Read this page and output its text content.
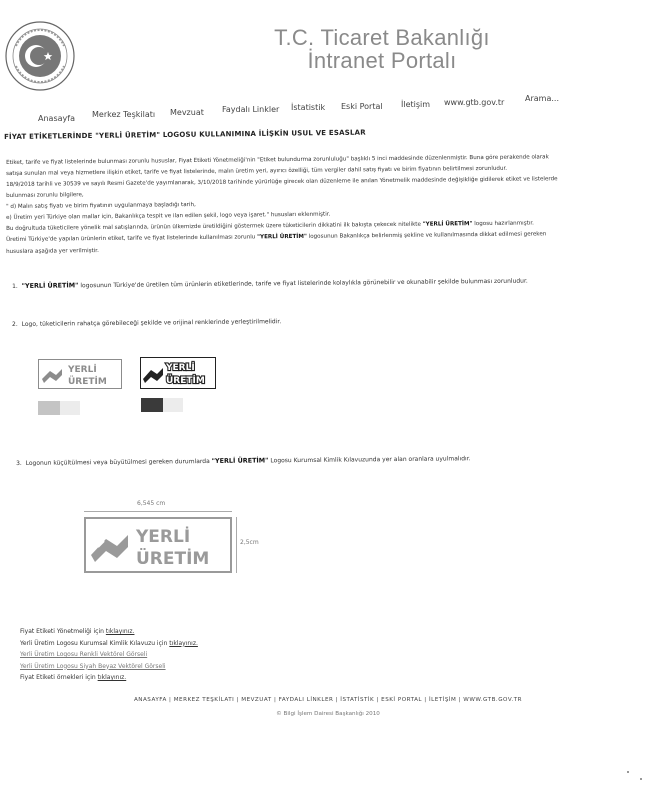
T.C. Ticaret Bakanlığı
İntranet Portalı
Anasayfa Merkez Teşkilatı Mevzuat Faydalı Linkler İstatistik Eski Portal İletişim www.gtb.gov.tr	Arama...
FİYAT ETİKETLERİNDE "YERLİ ÜRETİM" LOGOSU KULLANIMINA İLİŞKİN USUL VE ESASLAR
Etiket, tarife ve fiyat listelerinde bulunması zorunlu hususlar, Fiyat Etiketi Yönetmeliği'nin "Etiket bulundurma zorunluluğu" başlıklı 5 inci maddesinde düzenlenmiştir. Buna göre perakende olarak
satışa sunulan mal veya hizmetlere ilişkin etiket, tarife ve fiyat listelerinde, malın üretim yeri, ayırıcı özelliği, tüm vergiler dahil satış fiyatı ve birim fiyatının belirtilmesi zorunludur.
18/9/2018 tarihli ve 30539 ve sayılı Resmi Gazete'de yayımlanarak, 3/10/2018 tarihinde yürürlüğe girecek olan düzenleme ile anılan Yönetmelik maddesinde değişikliğe gidilerek etiket ve listelerde
bulunması zorunlu bilgilere,
" d) Malın satış fiyatı ve birim fiyatının uygulanmaya başladığı tarih,
e) Üretim yeri Türkiye olan mallar için, Bakanlıkça tespit ve ilan edilen şekil, logo veya işaret." hususları eklenmiştir.
Bu doğrultuda tüketicilere yönelik mal satışlarında, ürünün ülkemizde üretildiğini göstermek üzere tüketicilerin dikkatini ilk bakışta çekecek nitelikte "YERLİ ÜRETİM" logosu hazırlanmıştır.
Üretimi Türkiye'de yapılan ürünlerin etiket, tarife ve fiyat listelerinde kullanılması zorunlu "YERLİ ÜRETİM" logosunun Bakanlıkça belirlenmiş şekline ve kullanılmasında dikkat edilmesi gereken
hususlara aşağıda yer verilmiştir.
1. "YERLİ ÜRETİM" logosunun Türkiye'de üretilen tüm ürünlerin etiketlerinde, tarife ve fiyat listelerinde kolaylıkla görünebilir ve okunabilir şekilde bulunması zorunludur.
2. Logo, tüketicilerin rahatça görebileceği şekilde ve orijinal renklerinde yerleştirilmelidir.
YERLİ
ÜRETİM
YERLİ
ÜRETİM
3. Logonun küçültülmesi veya büyütülmesi gereken durumlarda "YERLİ ÜRETİM" Logosu Kurumsal Kimlik Kılavuzunda yer alan oranlara uyulmalıdır.
6,545 cm
YERLİ
ÜRETİM
2,5cm
Fiyat Etiketi Yönetmeliği için tıklayınız.
Yerli Üretim Logosu Kurumsal Kimlik Kılavuzu için tıklayınız.
Yerli Üretim Logosu Renkli Vektörel Görseli
Yerli Üretim Logosu Siyah Beyaz Vektörel Görseli
Fiyat Etiketi örnekleri için tıklayınız.
ANASAYFA | MERKEZ TEŞKİLATI | MEVZUAT | FAYDALI LİNKLER | İSTATİSTİK | ESKİ PORTAL | İLETİŞİM | WWW.GTB.GOV.TR
© Bilgi İşlem Dairesi Başkanlığı 2010
